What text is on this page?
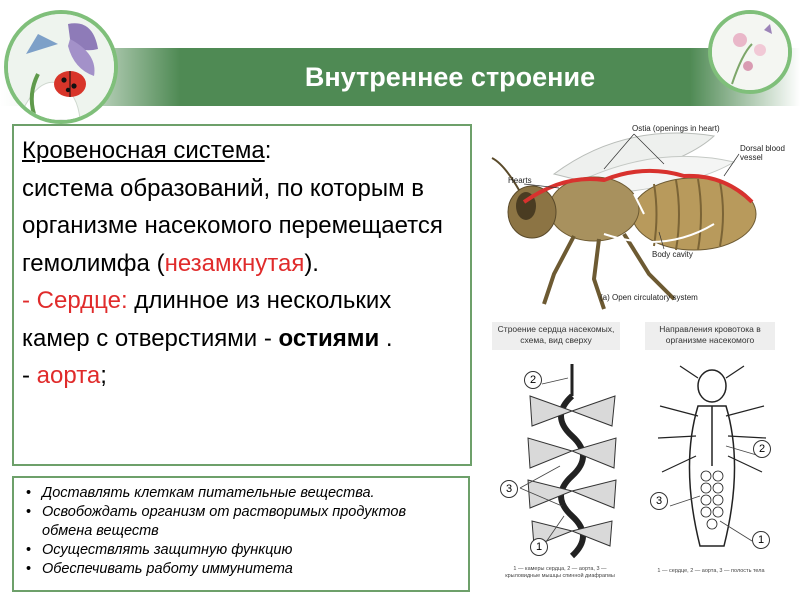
Внутреннее строение

Кровеносная система:
система образований, по которым в организме насекомого перемещается гемолимфа (незамкнутая).

- Сердце: длинное из нескольких камер с отверстиями - остиями .

- аорта;

• Доставлять клеткам питательные вещества.
• Освобождать организм от растворимых продуктов обмена веществ
• Осуществлять защитную функцию
• Обеспечивать работу иммунитета
Ostia (openings in heart)
Dorsal blood vessel
Hearts
Body cavity
(a) Open circulatory system
Строение сердца насекомых, схема, вид сверху
Направления кровотока в организме насекомого
2
3
1
1 — камеры сердца, 2 — аорта, 3 — крыловидные мышцы спинной диафрагмы
2
3
1
1 — сердце, 2 — аорта, 3 — полость тела
